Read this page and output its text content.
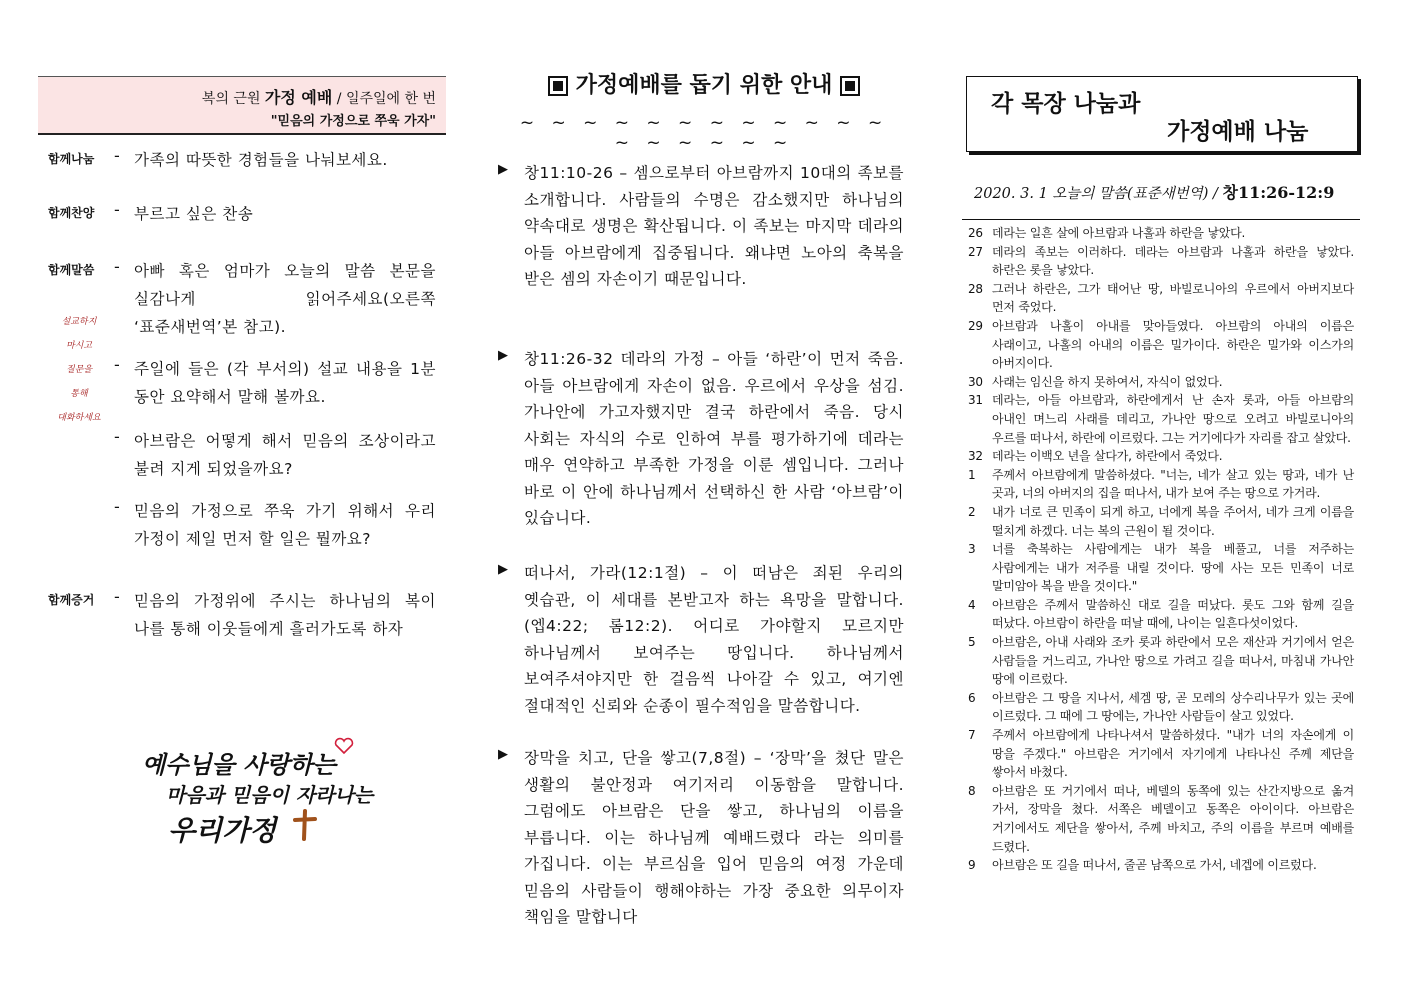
복의 근원 가정 예배 / 일주일에 한 번
"믿음의 가정으로 쭈욱 가자"
함께나눔 - 가족의 따뜻한 경험들을 나눠보세요.
함께찬양 - 부르고 싶은 찬송
함께말씀 - 아빠 혹은 엄마가 오늘의 말씀 본문을 실감나게 읽어주세요(오른쪽 ‘표준새번역’본 참고).
설교하지
마시고
질문을
통해
대화하세요
- 주일에 들은 (각 부서의) 설교 내용을 1분 동안 요약해서 말해 볼까요.
- 아브람은 어떻게 해서 믿음의 조상이라고 불려 지게 되었을까요?
- 믿음의 가정으로 쭈욱 가기 위해서 우리 가정이 제일 먼저 할 일은 뭘까요?
함께증거 - 믿음의 가정위에 주시는 하나님의 복이 나를 통해 이웃들에게 흘러가도록 하자
예수님을 사랑하는
마음과 믿음이 자라나는
우리가정
가정예배를 돕기 위한 안내
~ ~ ~ ~ ~ ~ ~ ~ ~ ~ ~ ~ ~ ~ ~ ~ ~ ~
▶ 창11:10-26 – 셈으로부터 아브람까지 10대의 족보를 소개합니다. 사람들의 수명은 감소했지만 하나님의 약속대로 생명은 확산됩니다. 이 족보는 마지막 데라의 아들 아브람에게 집중됩니다. 왜냐면 노아의 축복을 받은 셈의 자손이기 때문입니다.
▶ 창11:26-32 데라의 가정 – 아들 ‘하란’이 먼저 죽음. 아들 아브람에게 자손이 없음. 우르에서 우상을 섬김. 가나안에 가고자했지만 결국 하란에서 죽음. 당시 사회는 자식의 수로 인하여 부를 평가하기에 데라는 매우 연약하고 부족한 가정을 이룬 셈입니다. 그러나 바로 이 안에 하나님께서 선택하신 한 사람 ‘아브람’이 있습니다.
▶ 떠나서, 가라(12:1절) – 이 떠남은 죄된 우리의 옛습관, 이 세대를 본받고자 하는 욕망을 말합니다. (엡4:22; 롬12:2). 어디로 가야할지 모르지만 하나님께서 보여주는 땅입니다. 하나님께서 보여주셔야지만 한 걸음씩 나아갈 수 있고, 여기엔 절대적인 신뢰와 순종이 필수적임을 말씀합니다.
▶ 장막을 치고, 단을 쌓고(7,8절) – ‘장막’을 쳤단 말은 생활의 불안정과 여기저리 이동함을 말합니다. 그럼에도 아브람은 단을 쌓고, 하나님의 이름을 부릅니다. 이는 하나님께 예배드렸다 라는 의미를 가집니다. 이는 부르심을 입어 믿음의 여정 가운데 믿음의 사람들이 행해야하는 가장 중요한 의무이자 책임을 말합니다
각 목장 나눔과
가정예배 나눔
2020. 3. 1 오늘의 말씀(표준새번역) / 창11:26-12:9
26 데라는 일흔 살에 아브람과 나홀과 하란을 낳았다.
27 데라의 족보는 이러하다. 데라는 아브람과 나홀과 하란을 낳았다. 하란은 롯을 낳았다.
28 그러나 하란은, 그가 태어난 땅, 바빌로니아의 우르에서 아버지보다 먼저 죽었다.
29 아브람과 나홀이 아내를 맞아들였다. 아브람의 아내의 이름은 사래이고, 나홀의 아내의 이름은 밀가이다. 하란은 밀가와 이스가의 아버지이다.
30 사래는 임신을 하지 못하여서, 자식이 없었다.
31 데라는, 아들 아브람과, 하란에게서 난 손자 롯과, 아들 아브람의 아내인 며느리 사래를 데리고, 가나안 땅으로 오려고 바빌로니아의 우르를 떠나서, 하란에 이르렀다. 그는 거기에다가 자리를 잡고 살았다.
32 데라는 이백오 년을 살다가, 하란에서 죽었다.
1 주께서 아브람에게 말씀하셨다. "너는, 네가 살고 있는 땅과, 네가 난 곳과, 너의 아버지의 집을 떠나서, 내가 보여 주는 땅으로 가거라.
2 내가 너로 큰 민족이 되게 하고, 너에게 복을 주어서, 네가 크게 이름을 떨치게 하겠다. 너는 복의 근원이 될 것이다.
3 너를 축복하는 사람에게는 내가 복을 베풀고, 너를 저주하는 사람에게는 내가 저주를 내릴 것이다. 땅에 사는 모든 민족이 너로 말미암아 복을 받을 것이다."
4 아브람은 주께서 말씀하신 대로 길을 떠났다. 롯도 그와 함께 길을 떠났다. 아브람이 하란을 떠날 때에, 나이는 일흔다섯이었다.
5 아브람은, 아내 사래와 조카 롯과 하란에서 모은 재산과 거기에서 얻은 사람들을 거느리고, 가나안 땅으로 가려고 길을 떠나서, 마침내 가나안 땅에 이르렀다.
6 아브람은 그 땅을 지나서, 세겜 땅, 곧 모레의 상수리나무가 있는 곳에 이르렀다. 그 때에 그 땅에는, 가나안 사람들이 살고 있었다.
7 주께서 아브람에게 나타나셔서 말씀하셨다. "내가 너의 자손에게 이 땅을 주겠다." 아브람은 거기에서 자기에게 나타나신 주께 제단을 쌓아서 바쳤다.
8 아브람은 또 거기에서 떠나, 베델의 동쪽에 있는 산간지방으로 옮겨 가서, 장막을 쳤다. 서쪽은 베델이고 동쪽은 아이이다. 아브람은 거기에서도 제단을 쌓아서, 주께 바치고, 주의 이름을 부르며 예배를 드렸다.
9 아브람은 또 길을 떠나서, 줄곧 남쪽으로 가서, 네겝에 이르렀다.
